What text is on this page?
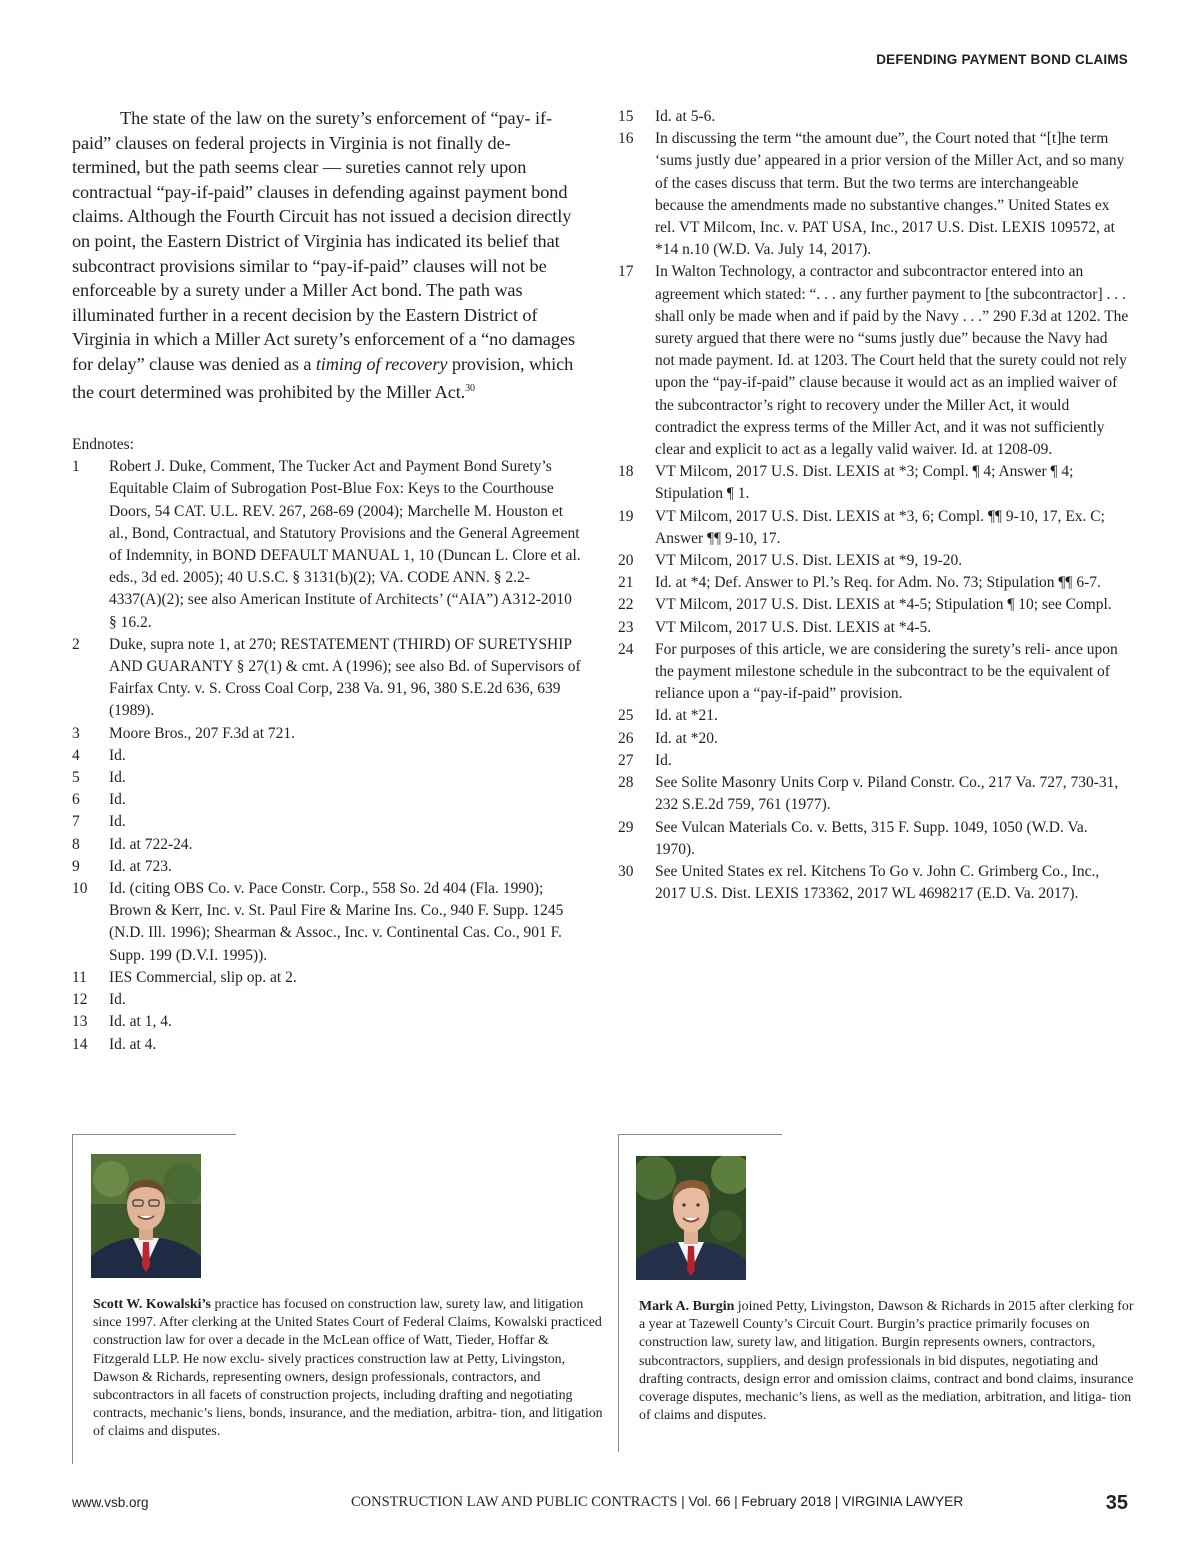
DEFENDING PAYMENT BOND CLAIMS

The state of the law on the surety’s enforcement of “pay- if-paid” clauses on federal projects in Virginia is not finally de- termined, but the path seems clear — sureties cannot rely upon contractual “pay-if-paid” clauses in defending against payment bond claims. Although the Fourth Circuit has not issued a decision directly on point, the Eastern District of Virginia has indicated its belief that subcontract provisions similar to “pay-if-paid” clauses will not be enforceable by a surety under a Miller Act bond. The path was illuminated further in a recent decision by the Eastern District of Virginia in which a Miller Act surety’s enforcement of a “no damages for delay” clause was denied as a timing of recovery provision, which the court determined was prohibited by the Miller Act.$^{30}$

Endnotes:

1	Robert J. Duke, Comment, The Tucker Act and Payment Bond Surety’s Equitable Claim of Subrogation Post-Blue Fox: Keys to the Courthouse Doors, 54 CAT. U.L. REV. 267, 268-69 (2004); Marchelle M. Houston et al., Bond, Contractual, and Statutory Provisions and the General Agreement of Indemnity, in BOND DEFAULT MANUAL 1, 10 (Duncan L. Clore et al. eds., 3d ed. 2005); 40 U.S.C. § 3131(b)(2); VA. CODE ANN. § 2.2-4337(A)(2); see also American Institute of Architects’ (“AIA”) A312-2010 § 16.2.
2	Duke, supra note 1, at 270; RESTATEMENT (THIRD) OF SURETYSHIP AND GUARANTY § 27(1) & cmt. A (1996); see also Bd. of Supervisors of Fairfax Cnty. v. S. Cross Coal Corp, 238 Va. 91, 96, 380 S.E.2d 636, 639 (1989).
3	Moore Bros., 207 F.3d at 721.
4	Id.
5	Id.
6	Id.
7	Id.
8	Id. at 722-24.
9	Id. at 723.
10	Id. (citing OBS Co. v. Pace Constr. Corp., 558 So. 2d 404 (Fla. 1990); Brown & Kerr, Inc. v. St. Paul Fire & Marine Ins. Co., 940 F. Supp. 1245 (N.D. Ill. 1996); Shearman & Assoc., Inc. v. Continental Cas. Co., 901 F. Supp. 199 (D.V.I. 1995)).
11	IES Commercial, slip op. at 2.
12	Id.
13	Id. at 1, 4.
14	Id. at 4.
15	Id. at 5-6.
16	In discussing the term “the amount due”, the Court noted that “[t]he term ‘sums justly due’ appeared in a prior version of the Miller Act, and so many of the cases discuss that term. But the two terms are interchangeable because the amendments made no substantive changes.” United States ex rel. VT Milcom, Inc. v. PAT USA, Inc., 2017 U.S. Dist. LEXIS 109572, at *14 n.10 (W.D. Va. July 14, 2017).
17	In Walton Technology, a contractor and subcontractor entered into an agreement which stated: “. . . any further payment to [the subcontractor] . . . shall only be made when and if paid by the Navy . . .” 290 F.3d at 1202. The surety argued that there were no “sums justly due” because the Navy had not made payment. Id. at 1203. The Court held that the surety could not rely upon the “pay-if-paid” clause because it would act as an implied waiver of the subcontractor’s right to recovery under the Miller Act, it would contradict the express terms of the Miller Act, and it was not sufficiently clear and explicit to act as a legally valid waiver. Id. at 1208-09.
18	VT Milcom, 2017 U.S. Dist. LEXIS at *3; Compl. ¶ 4; Answer ¶ 4; Stipulation ¶ 1.
19	VT Milcom, 2017 U.S. Dist. LEXIS at *3, 6; Compl. ¶¶ 9-10, 17, Ex. C; Answer ¶¶ 9-10, 17.
20	VT Milcom, 2017 U.S. Dist. LEXIS at *9, 19-20.
21	Id. at *4; Def. Answer to Pl.’s Req. for Adm. No. 73; Stipulation ¶¶ 6-7.
22	VT Milcom, 2017 U.S. Dist. LEXIS at *4-5; Stipulation ¶ 10; see Compl.
23	VT Milcom, 2017 U.S. Dist. LEXIS at *4-5.
24	For purposes of this article, we are considering the surety’s reli- ance upon the payment milestone schedule in the subcontract to be the equivalent of reliance upon a “pay-if-paid” provision.
25	Id. at *21.
26	Id. at *20.
27	Id.
28	See Solite Masonry Units Corp v. Piland Constr. Co., 217 Va. 727, 730-31, 232 S.E.2d 759, 761 (1977).
29	See Vulcan Materials Co. v. Betts, 315 F. Supp. 1049, 1050 (W.D. Va. 1970).
30	See United States ex rel. Kitchens To Go v. John C. Grimberg Co., Inc., 2017 U.S. Dist. LEXIS 173362, 2017 WL 4698217 (E.D. Va. 2017).

Scott W. Kowalski’s practice has focused on construction law, surety law, and litigation since 1997. After clerking at the United States Court of Federal Claims, Kowalski practiced construction law for over a decade in the McLean office of Watt, Tieder, Hoffar & Fitzgerald LLP. He now exclu- sively practices construction law at Petty, Livingston, Dawson & Richards, representing owners, design professionals, contractors, and subcontractors in all facets of construction projects, including drafting and negotiating contracts, mechanic’s liens, bonds, insurance, and the mediation, arbitra- tion, and litigation of claims and disputes.

Mark A. Burgin joined Petty, Livingston, Dawson & Richards in 2015 after clerking for a year at Tazewell County’s Circuit Court. Burgin’s practice primarily focuses on construction law, surety law, and litigation. Burgin represents owners, contractors, subcontractors, suppliers, and design professionals in bid disputes, negotiating and drafting contracts, design error and omission claims, contract and bond claims, insurance coverage disputes, mechanic’s liens, as well as the mediation, arbitration, and litiga- tion of claims and disputes.

www.vsb.org	CONSTRUCTION LAW AND PUBLIC CONTRACTS | Vol. 66 | February 2018 | VIRGINIA LAWYER	35
